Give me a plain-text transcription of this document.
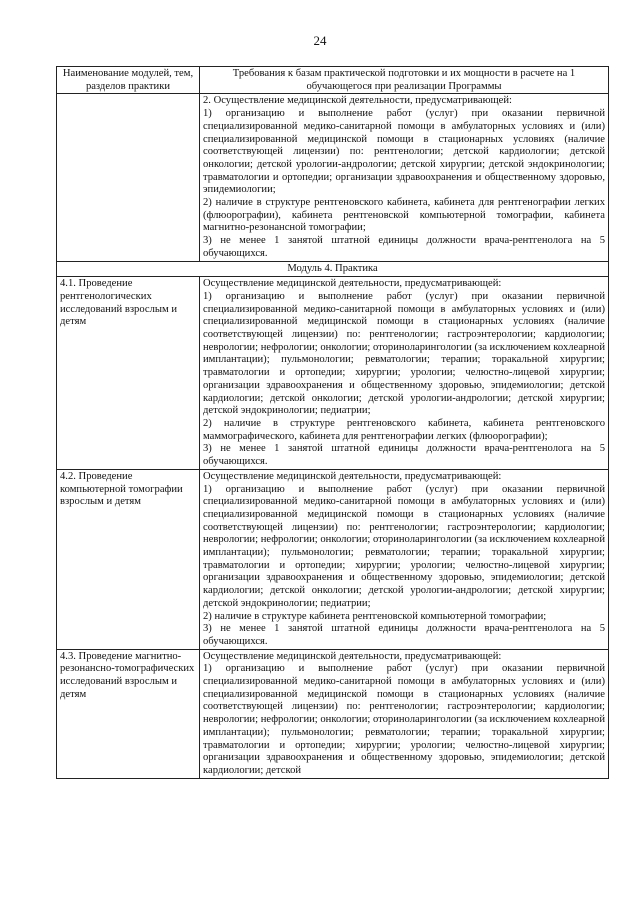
24
Наименование модулей, тем, разделов практики	Требования к базам практической подготовки и их мощности в расчете на 1 обучающегося при реализации Программы

	2. Осуществление медицинской деятельности, предусматривающей:

1) организацию и выполнение работ (услуг) при оказании первичной специализированной медико-санитарной помощи в амбулаторных условиях и (или) специализированной медицинской помощи в стационарных условиях (наличие соответствующей лицензии) по: рентгенологии; детской кардиологии; детской онкологии; детской урологии-андрологии; детской хирургии; детской эндокринологии; травматологии и ортопедии; организации здравоохранения и общественному здоровью, эпидемиологии;

2) наличие в структуре рентгеновского кабинета, кабинета для рентгенографии легких (флюорографии), кабинета рентгеновской компьютерной томографии, кабинета магнитно-резонансной томографии;

3) не менее 1 занятой штатной единицы должности врача-рентгенолога на 5 обучающихся.

Модуль 4. Практика	
4.1. Проведение рентгенологических исследований взрослым и детям	Осуществление медицинской деятельности, предусматривающей:

1) организацию и выполнение работ (услуг) при оказании первичной специализированной медико-санитарной помощи в амбулаторных условиях и (или) специализированной медицинской помощи в стационарных условиях (наличие соответствующей лицензии) по: рентгенологии; гастроэнтерологии; кардиологии; неврологии; нефрологии; онкологии; оториноларингологии (за исключением кохлеарной имплантации); пульмонологии; ревматологии; терапии; торакальной хирургии; травматологии и ортопедии; хирургии; урологии; челюстно-лицевой хирургии; организации здравоохранения и общественному здоровью, эпидемиологии; детской кардиологии; детской онкологии; детской урологии-андрологии; детской хирургии; детской эндокринологии; педиатрии;

2) наличие в структуре рентгеновского кабинета, кабинета рентгеновского маммографического, кабинета для рентгенографии легких (флюорографии);

3) не менее 1 занятой штатной единицы должности врача-рентгенолога на 5 обучающихся.

4.2. Проведение компьютерной томографии взрослым и детям	Осуществление медицинской деятельности, предусматривающей:

1) организацию и выполнение работ (услуг) при оказании первичной специализированной медико-санитарной помощи в амбулаторных условиях и (или) специализированной медицинской помощи в стационарных условиях (наличие соответствующей лицензии) по: рентгенологии; гастроэнтерологии; кардиологии; неврологии; нефрологии; онкологии; оториноларингологии (за исключением кохлеарной имплантации); пульмонологии; ревматологии; терапии; торакальной хирургии; травматологии и ортопедии; хирургии; урологии; челюстно-лицевой хирургии; организации здравоохранения и общественному здоровью, эпидемиологии; детской кардиологии; детской онкологии; детской урологии-андрологии; детской хирургии; детской эндокринологии; педиатрии;

2) наличие в структуре кабинета рентгеновской компьютерной томографии;

3) не менее 1 занятой штатной единицы должности врача-рентгенолога на 5 обучающихся.

4.3. Проведение магнитно-резонансно-томографических исследований взрослым и детям	Осуществление медицинской деятельности, предусматривающей:

1) организацию и выполнение работ (услуг) при оказании первичной специализированной медико-санитарной помощи в амбулаторных условиях и (или) специализированной медицинской помощи в стационарных условиях (наличие соответствующей лицензии) по: рентгенологии; гастроэнтерологии; кардиологии; неврологии; нефрологии; онкологии; оториноларингологии (за исключением кохлеарной имплантации); пульмонологии; ревматологии; терапии; торакальной хирургии; травматологии и ортопедии; хирургии; урологии; челюстно-лицевой хирургии; организации здравоохранения и общественному здоровью, эпидемиологии; детской кардиологии; детской
